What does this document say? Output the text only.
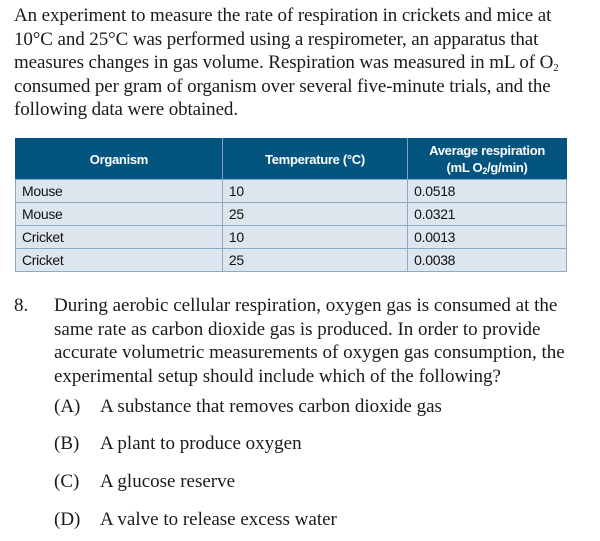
An experiment to measure the rate of respiration in crickets and mice at

10°C and 25°C was performed using a respirometer, an apparatus that

measures changes in gas volume. Respiration was measured in mL of $O_2$

consumed per gram of organism over several five-minute trials, and the

following data were obtained.

Organism	Temperature (°C)	Average respiration
(mL $O_2/g/\min$)

Mouse	10	0.0518
Mouse	25	0.0321
Cricket	10	0.0013
Cricket	25	0.0038
8. During aerobic cellular respiration, oxygen gas is consumed at the
same rate as carbon dioxide gas is produced. In order to provide
accurate volumetric measurements of oxygen gas consumption, the
experimental setup should include which of the following?
(A) A substance that removes carbon dioxide gas
(B) A plant to produce oxygen
(C) A glucose reserve
(D) A valve to release excess water
